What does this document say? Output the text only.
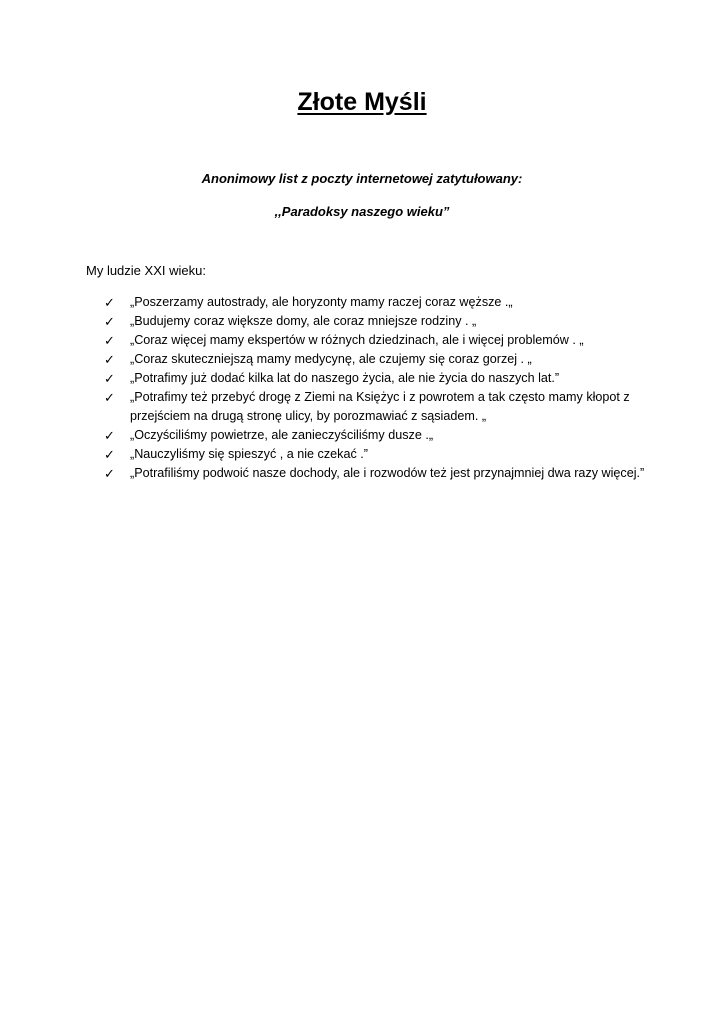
Złote Myśli
Anonimowy list z poczty internetowej zatytułowany:
,,Paradoksy naszego wieku”
My ludzie XXI wieku:
✓	„Poszerzamy autostrady, ale horyzonty mamy raczej coraz węższe .„
✓	„Budujemy coraz większe domy, ale coraz mniejsze rodziny . „
✓	„Coraz więcej mamy ekspertów w różnych dziedzinach, ale i więcej problemów . „
✓	„Coraz skuteczniejszą mamy medycynę, ale czujemy się coraz gorzej . „
✓	„Potrafimy już dodać kilka lat do naszego życia, ale nie życia do naszych lat.”
✓	„Potrafimy też przebyć drogę z Ziemi na Księżyc i z powrotem a tak często mamy kłopot z przejściem na drugą stronę ulicy, by porozmawiać z sąsiadem. „
✓	„Oczyściliśmy powietrze, ale zanieczyściliśmy dusze .„
✓	„Nauczyliśmy się spieszyć , a nie czekać .”
✓	„Potrafiliśmy podwoić nasze dochody, ale i rozwodów też jest przynajmniej dwa razy więcej.”
